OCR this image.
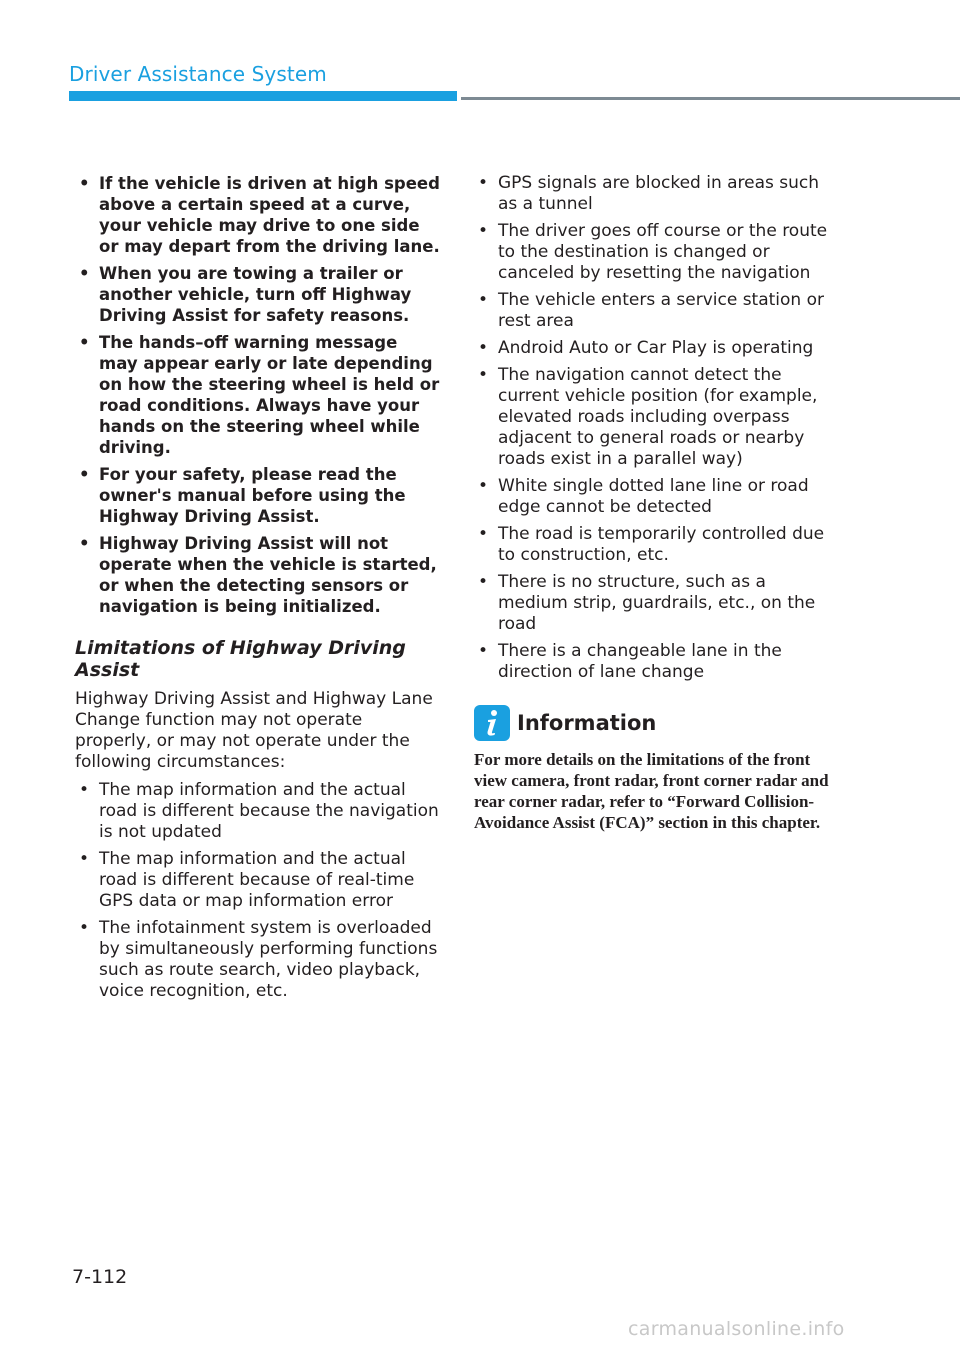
Driver Assistance System
• If the vehicle is driven at high speed above a certain speed at a curve, your vehicle may drive to one side or may depart from the driving lane.
• When you are towing a trailer or another vehicle, turn off Highway Driving Assist for safety reasons.
• The hands–off warning message may appear early or late depending on how the steering wheel is held or road conditions. Always have your hands on the steering wheel while driving.
• For your safety, please read the owner's manual before using the Highway Driving Assist.
• Highway Driving Assist will not operate when the vehicle is started, or when the detecting sensors or navigation is being initialized.
Limitations of Highway Driving Assist

Highway Driving Assist and Highway Lane Change function may not operate properly, or may not operate under the following circumstances:

• The map information and the actual road is different because the navigation is not updated
• The map information and the actual road is different because of real-time GPS data or map information error
• The infotainment system is overloaded by simultaneously performing functions such as route search, video playback, voice recognition, etc.
• GPS signals are blocked in areas such as a tunnel
• The driver goes off course or the route to the destination is changed or canceled by resetting the navigation
• The vehicle enters a service station or rest area
• Android Auto or Car Play is operating
• The navigation cannot detect the current vehicle position (for example, elevated roads including overpass adjacent to general roads or nearby roads exist in a parallel way)
• White single dotted lane line or road edge cannot be detected
• The road is temporarily controlled due to construction, etc.
• There is no structure, such as a medium strip, guardrails, etc., on the road
• There is a changeable lane in the direction of lane change
Information
For more details on the limitations of the front view camera, front radar, front corner radar and rear corner radar, refer to “Forward Collision-Avoidance Assist (FCA)” section in this chapter.
7-112
carmanualsonline.info
